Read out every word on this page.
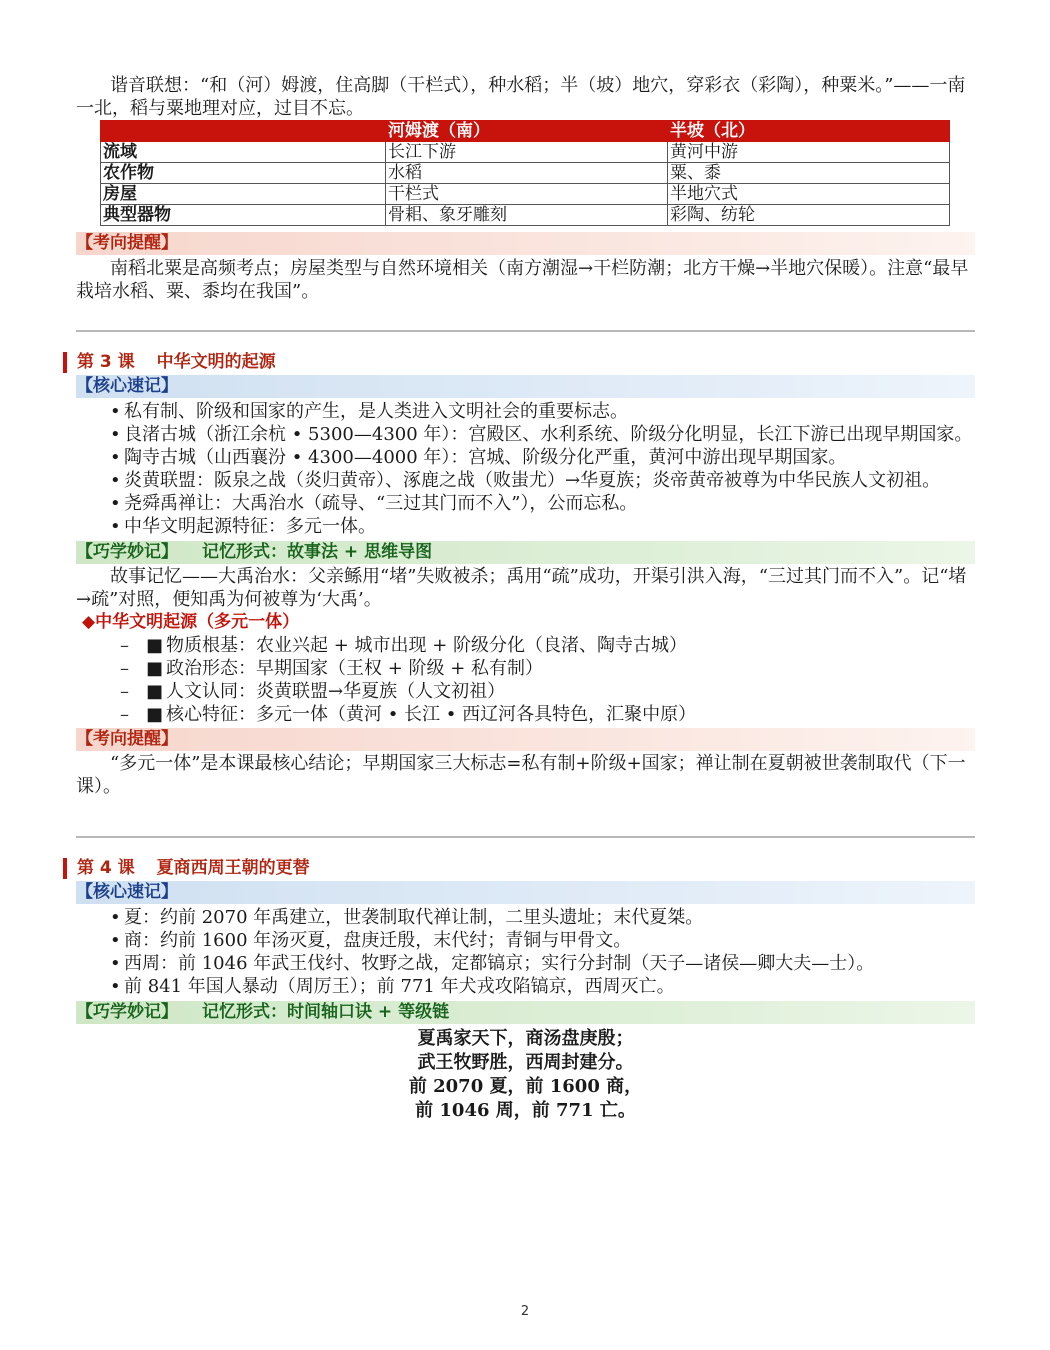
谐音联想：“和（河）姆渡，住高脚（干栏式），种水稻；半（坡）地穴，穿彩衣（彩陶），种粟米。”——一南一北，稻与粟地理对应，过目不忘。

	河姆渡（南）	半坡（北）
流域	长江下游	黄河中游
农作物	水稻	粟、黍
房屋	干栏式	半地穴式
典型器物	骨耜、象牙雕刻	彩陶、纺轮
【考向提醒】

南稻北粟是高频考点；房屋类型与自然环境相关（南方潮湿→干栏防潮；北方干燥→半地穴保暖）。注意“最早栽培水稻、粟、黍均在我国”。

第 3 课 中华文明的起源
【核心速记】
• 私有制、阶级和国家的产生，是人类进入文明社会的重要标志。
• 良渚古城（浙江余杭 • 5300—4300 年）：宫殿区、水利系统、阶级分化明显，长江下游已出现早期国家。
• 陶寺古城（山西襄汾 • 4300—4000 年）：宫城、阶级分化严重，黄河中游出现早期国家。
• 炎黄联盟：阪泉之战（炎归黄帝）、涿鹿之战（败蚩尤）→华夏族；炎帝黄帝被尊为中华民族人文初祖。
• 尧舜禹禅让：大禹治水（疏导、“三过其门而不入”），公而忘私。
• 中华文明起源特征：多元一体。
【巧学妙记】 记忆形式：故事法 + 思维导图

故事记忆——大禹治水：父亲鲧用“堵”失败被杀；禹用“疏”成功，开渠引洪入海，“三过其门而不入”。记“堵→疏”对照，便知禹为何被尊为‘大禹’。

◆中华文明起源（多元一体）
– ■ 物质根基：农业兴起 + 城市出现 + 阶级分化（良渚、陶寺古城）
– ■ 政治形态：早期国家（王权 + 阶级 + 私有制）
– ■ 人文认同：炎黄联盟→华夏族（人文初祖）
– ■ 核心特征：多元一体（黄河 • 长江 • 西辽河各具特色，汇聚中原）
【考向提醒】

“多元一体”是本课最核心结论；早期国家三大标志=私有制+阶级+国家；禅让制在夏朝被世袭制取代（下一课）。

第 4 课 夏商西周王朝的更替
【核心速记】
• 夏：约前 2070 年禹建立，世袭制取代禅让制，二里头遗址；末代夏桀。
• 商：约前 1600 年汤灭夏，盘庚迁殷，末代纣；青铜与甲骨文。
• 西周：前 1046 年武王伐纣、牧野之战，定都镐京；实行分封制（天子—诸侯—卿大夫—士）。
• 前 841 年国人暴动（周厉王）；前 771 年犬戎攻陷镐京，西周灭亡。
【巧学妙记】 记忆形式：时间轴口诀 + 等级链
夏禹家天下，商汤盘庚殷；
武王牧野胜，西周封建分。
前 2070 夏，前 1600 商，
前 1046 周，前 771 亡。
2
